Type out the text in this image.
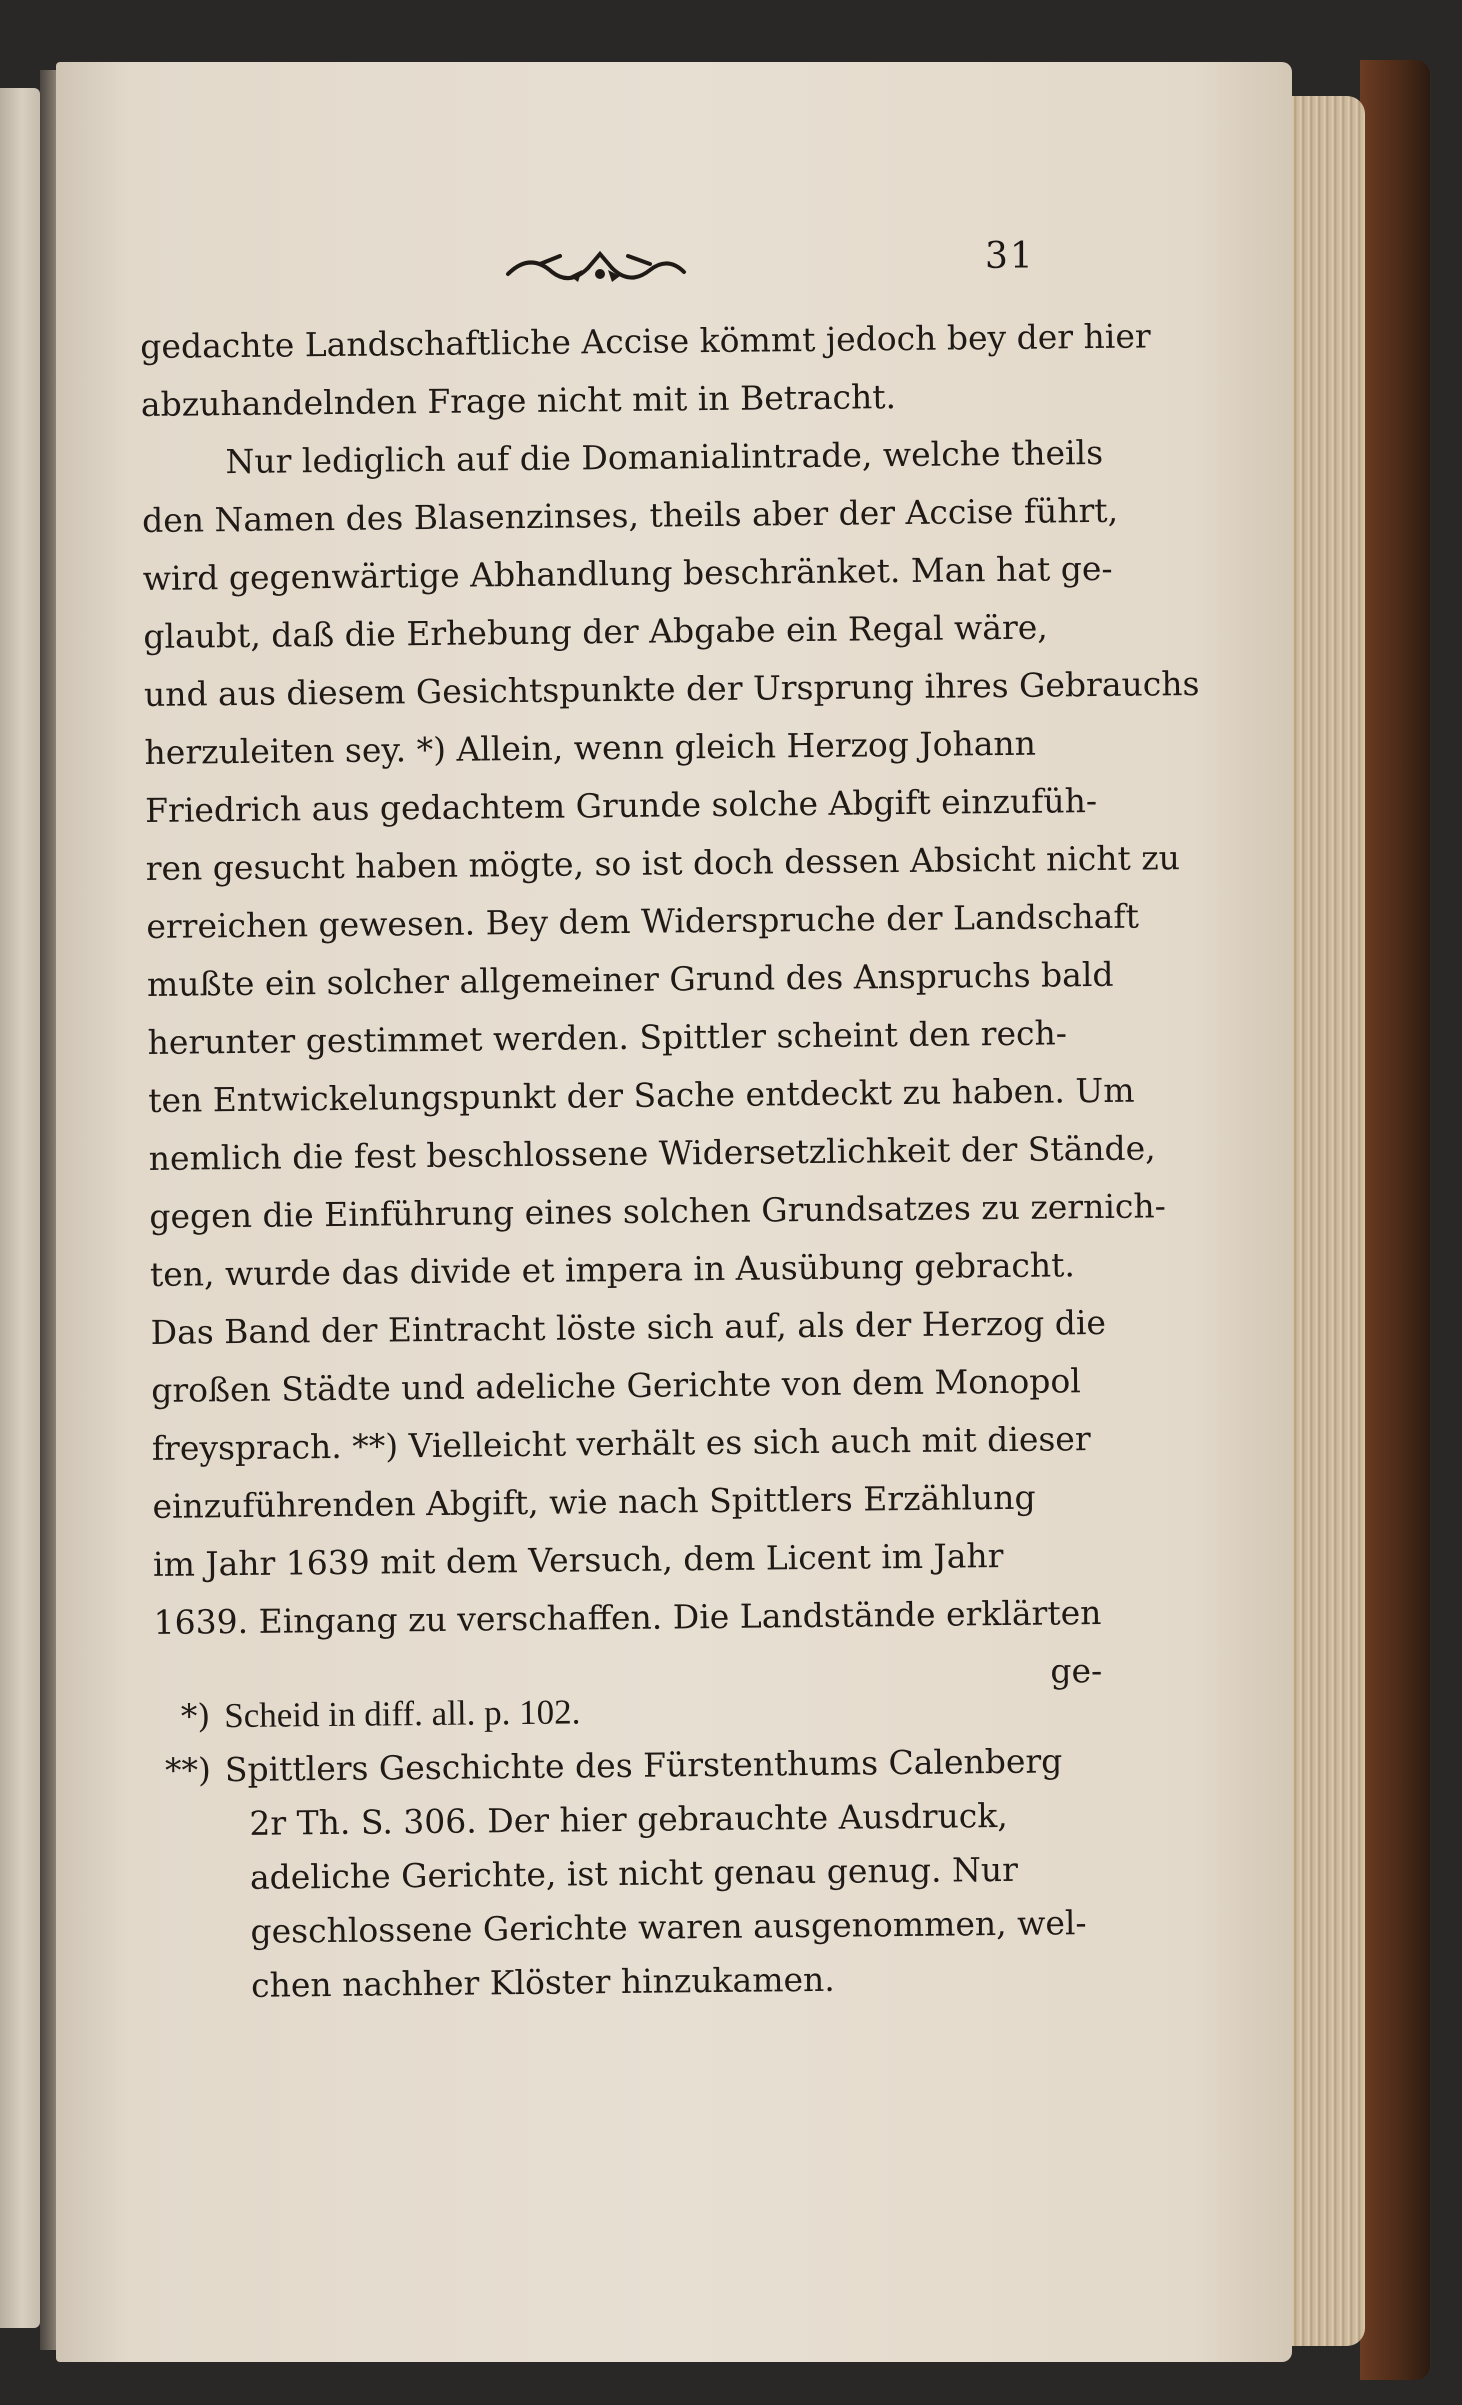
31
gedachte Landschaftliche Accise kömmt jedoch bey der hier
abzuhandelnden Frage nicht mit in Betracht.
Nur lediglich auf die Domanialintrade, welche theils
den Namen des Blasenzinses, theils aber der Accise führt,
wird gegenwärtige Abhandlung beschränket. Man hat ge-
glaubt, daß die Erhebung der Abgabe ein Regal wäre,
und aus diesem Gesichtspunkte der Ursprung ihres Gebrauchs
herzuleiten sey. *) Allein, wenn gleich Herzog Johann
Friedrich aus gedachtem Grunde solche Abgift einzufüh-
ren gesucht haben mögte, so ist doch dessen Absicht nicht zu
erreichen gewesen. Bey dem Widerspruche der Landschaft
mußte ein solcher allgemeiner Grund des Anspruchs bald
herunter gestimmet werden. Spittler scheint den rech-
ten Entwickelungspunkt der Sache entdeckt zu haben. Um
nemlich die fest beschlossene Widersetzlichkeit der Stände,
gegen die Einführung eines solchen Grundsatzes zu zernich-
ten, wurde das divide et impera in Ausübung gebracht.
Das Band der Eintracht löste sich auf, als der Herzog die
großen Städte und adeliche Gerichte von dem Monopol
freysprach. **) Vielleicht verhält es sich auch mit dieser
einzuführenden Abgift, wie nach Spittlers Erzählung
im Jahr 1639 mit dem Versuch, dem Licent im Jahr
1639. Eingang zu verschaffen. Die Landstände erklärten
ge-
*) Scheid in diff. all. p. 102.
**) Spittlers Geschichte des Fürstenthums Calenberg
2r Th. S. 306. Der hier gebrauchte Ausdruck,
adeliche Gerichte, ist nicht genau genug. Nur
geschlossene Gerichte waren ausgenommen, wel-
chen nachher Klöster hinzukamen.
